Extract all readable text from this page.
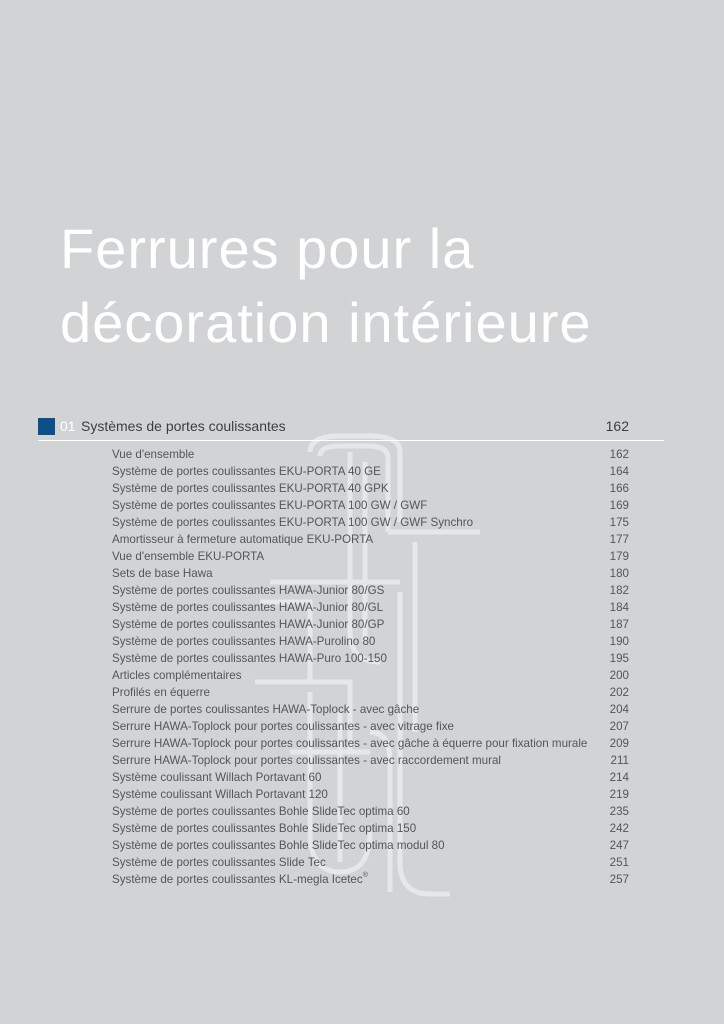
Ferrures pour la
décoration intérieure
01 Systèmes de portes coulissantes	162
Vue d'ensemble	162
Système de portes coulissantes EKU-PORTA 40 GE	164
Système de portes coulissantes EKU-PORTA 40 GPK	166
Système de portes coulissantes EKU-PORTA 100 GW / GWF	169
Système de portes coulissantes EKU-PORTA 100 GW / GWF Synchro	175
Amortisseur à fermeture automatique EKU-PORTA	177
Vue d'ensemble EKU-PORTA	179
Sets de base Hawa	180
Système de portes coulissantes HAWA-Junior 80/GS	182
Système de portes coulissantes HAWA-Junior 80/GL	184
Système de portes coulissantes HAWA-Junior 80/GP	187
Système de portes coulissantes HAWA-Purolino 80	190
Système de portes coulissantes HAWA-Puro 100-150	195
Articles complémentaires	200
Profilés en équerre	202
Serrure de portes coulissantes HAWA-Toplock - avec gâche	204
Serrure HAWA-Toplock pour portes coulissantes - avec vitrage fixe	207
Serrure HAWA-Toplock pour portes coulissantes - avec gâche à équerre pour fixation murale 209
Serrure HAWA-Toplock pour portes coulissantes - avec raccordement mural	211
Système coulissant Willach Portavant 60	214
Système coulissant Willach Portavant 120	219
Système de portes coulissantes Bohle SlideTec optima 60	235
Système de portes coulissantes Bohle SlideTec optima 150	242
Système de portes coulissantes Bohle SlideTec optima modul 80	247
Système de portes coulissantes Slide Tec	251
Système de portes coulissantes KL-megla Icetec®	257
